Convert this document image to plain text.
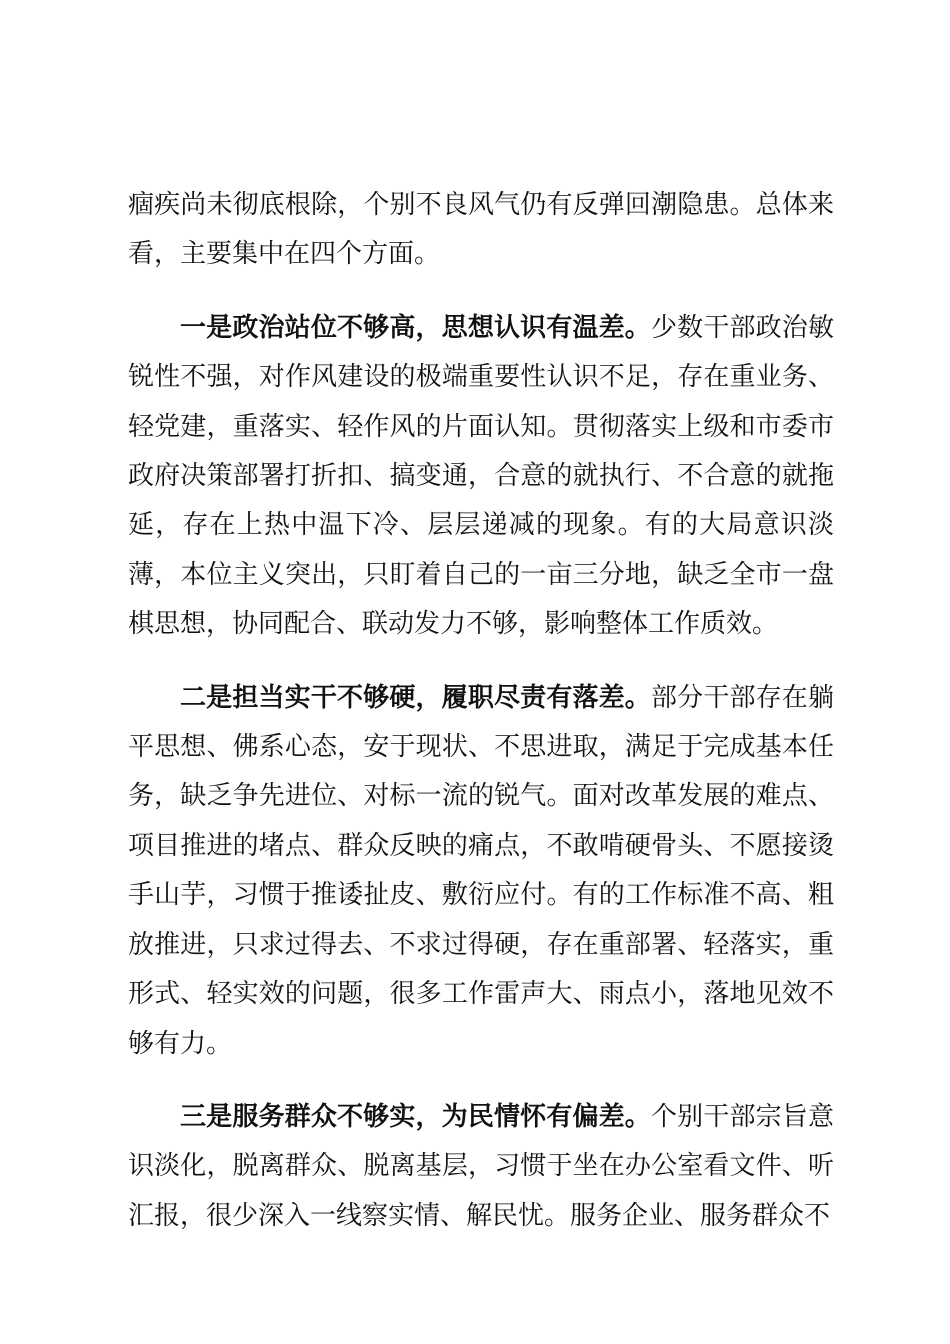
痼疾尚未彻底根除，个别不良风气仍有反弹回潮隐患。总体来看，主要集中在四个方面。

一是政治站位不够高，思想认识有温差。少数干部政治敏锐性不强，对作风建设的极端重要性认识不足，存在重业务、轻党建，重落实、轻作风的片面认知。贯彻落实上级和市委市政府决策部署打折扣、搞变通，合意的就执行、不合意的就拖延，存在上热中温下冷、层层递减的现象。有的大局意识淡薄，本位主义突出，只盯着自己的一亩三分地，缺乏全市一盘棋思想，协同配合、联动发力不够，影响整体工作质效。

二是担当实干不够硬，履职尽责有落差。部分干部存在躺平思想、佛系心态，安于现状、不思进取，满足于完成基本任务，缺乏争先进位、对标一流的锐气。面对改革发展的难点、项目推进的堵点、群众反映的痛点，不敢啃硬骨头、不愿接烫手山芋，习惯于推诿扯皮、敷衍应付。有的工作标准不高、粗放推进，只求过得去、不求过得硬，存在重部署、轻落实，重形式、轻实效的问题，很多工作雷声大、雨点小，落地见效不够有力。

三是服务群众不够实，为民情怀有偏差。个别干部宗旨意识淡化，脱离群众、脱离基层，习惯于坐在办公室看文件、听汇报，很少深入一线察实情、解民忧。服务企业、服务群众不
